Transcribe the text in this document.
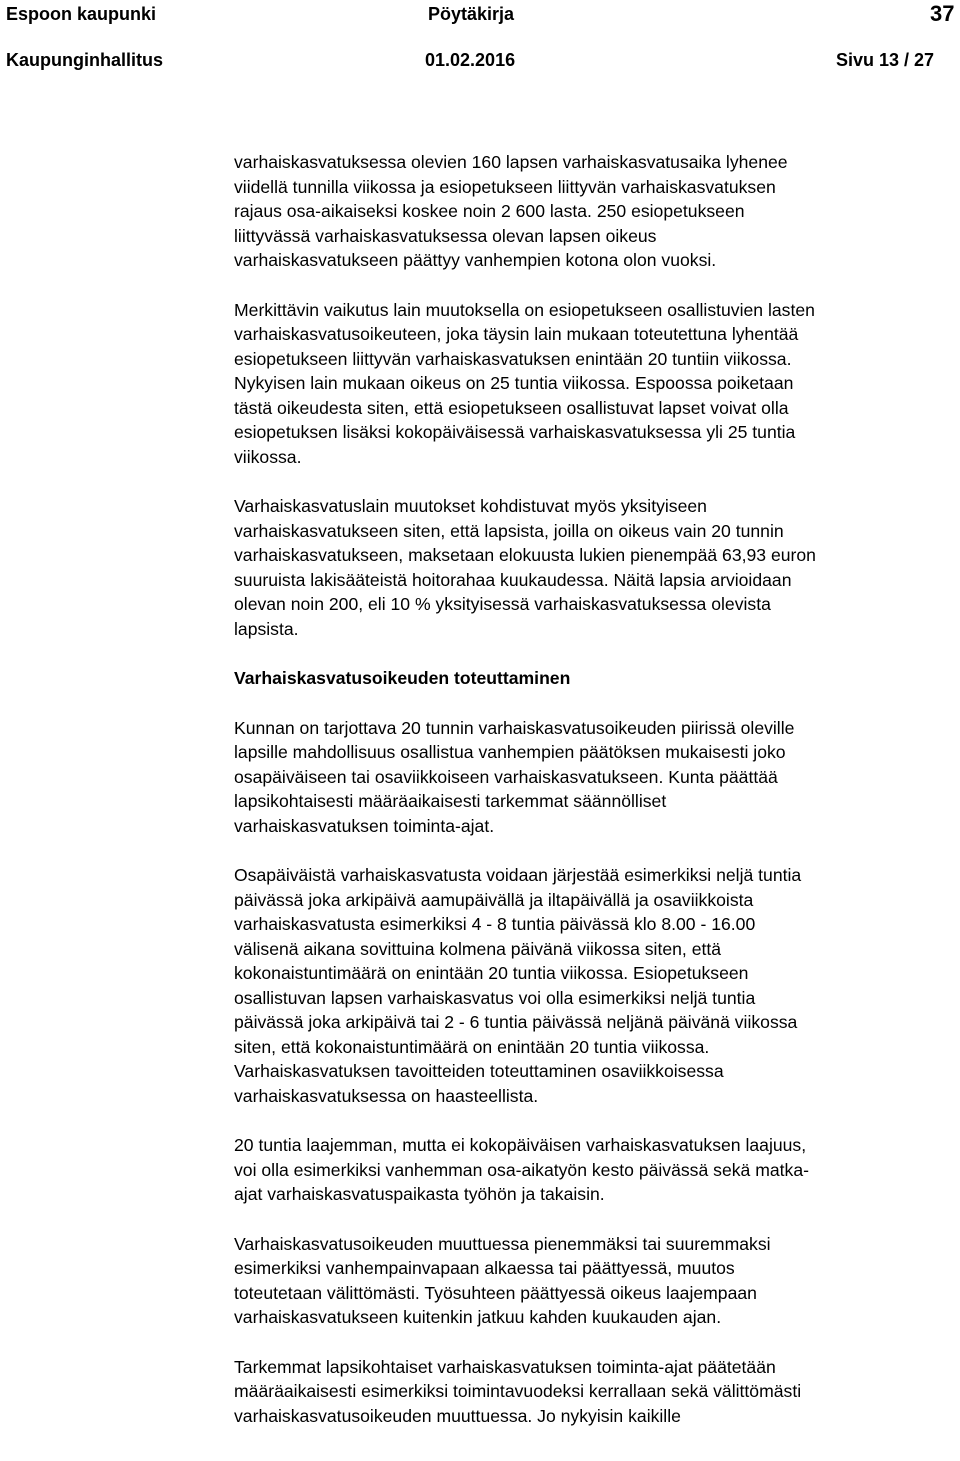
Espoon kaupunki	Pöytäkirja	37
Kaupunginhallitus	01.02.2016	Sivu 13 / 27

varhaiskasvatuksessa olevien 160 lapsen varhaiskasvatusaika lyhenee
viidellä tunnilla viikossa ja esiopetukseen liittyvän varhaiskasvatuksen
rajaus osa-aikaiseksi koskee noin 2 600 lasta. 250 esiopetukseen
liittyvässä varhaiskasvatuksessa olevan lapsen oikeus
varhaiskasvatukseen päättyy vanhempien kotona olon vuoksi.

Merkittävin vaikutus lain muutoksella on esiopetukseen osallistuvien lasten
varhaiskasvatusoikeuteen, joka täysin lain mukaan toteutettuna lyhentää
esiopetukseen liittyvän varhaiskasvatuksen enintään 20 tuntiin viikossa.
Nykyisen lain mukaan oikeus on 25 tuntia viikossa. Espoossa poiketaan
tästä oikeudesta siten, että esiopetukseen osallistuvat lapset voivat olla
esiopetuksen lisäksi kokopäiväisessä varhaiskasvatuksessa yli 25 tuntia
viikossa.

Varhaiskasvatuslain muutokset kohdistuvat myös yksityiseen
varhaiskasvatukseen siten, että lapsista, joilla on oikeus vain 20 tunnin
varhaiskasvatukseen, maksetaan elokuusta lukien pienempää 63,93 euron
suuruista lakisääteistä hoitorahaa kuukaudessa. Näitä lapsia arvioidaan
olevan noin 200, eli 10 % yksityisessä varhaiskasvatuksessa olevista
lapsista.

Varhaiskasvatusoikeuden toteuttaminen

Kunnan on tarjottava 20 tunnin varhaiskasvatusoikeuden piirissä oleville
lapsille mahdollisuus osallistua vanhempien päätöksen mukaisesti joko
osapäiväiseen tai osaviikkoiseen varhaiskasvatukseen. Kunta päättää
lapsikohtaisesti määräaikaisesti tarkemmat säännölliset
varhaiskasvatuksen toiminta-ajat.

Osapäiväistä varhaiskasvatusta voidaan järjestää esimerkiksi neljä tuntia
päivässä joka arkipäivä aamupäivällä ja iltapäivällä ja osaviikkoista
varhaiskasvatusta esimerkiksi 4 - 8 tuntia päivässä klo 8.00 - 16.00
välisenä aikana sovittuina kolmena päivänä viikossa siten, että
kokonaistuntimäärä on enintään 20 tuntia viikossa. Esiopetukseen
osallistuvan lapsen varhaiskasvatus voi olla esimerkiksi neljä tuntia
päivässä joka arkipäivä tai 2 - 6 tuntia päivässä neljänä päivänä viikossa
siten, että kokonaistuntimäärä on enintään 20 tuntia viikossa.
Varhaiskasvatuksen tavoitteiden toteuttaminen osaviikkoisessa
varhaiskasvatuksessa on haasteellista.

20 tuntia laajemman, mutta ei kokopäiväisen varhaiskasvatuksen laajuus,
voi olla esimerkiksi vanhemman osa-aikatyön kesto päivässä sekä matka-
ajat varhaiskasvatuspaikasta työhön ja takaisin.

Varhaiskasvatusoikeuden muuttuessa pienemmäksi tai suuremmaksi
esimerkiksi vanhempainvapaan alkaessa tai päättyessä, muutos
toteutetaan välittömästi. Työsuhteen päättyessä oikeus laajempaan
varhaiskasvatukseen kuitenkin jatkuu kahden kuukauden ajan.

Tarkemmat lapsikohtaiset varhaiskasvatuksen toiminta-ajat päätetään
määräaikaisesti esimerkiksi toimintavuodeksi kerrallaan sekä välittömästi
varhaiskasvatusoikeuden muuttuessa. Jo nykyisin kaikille
